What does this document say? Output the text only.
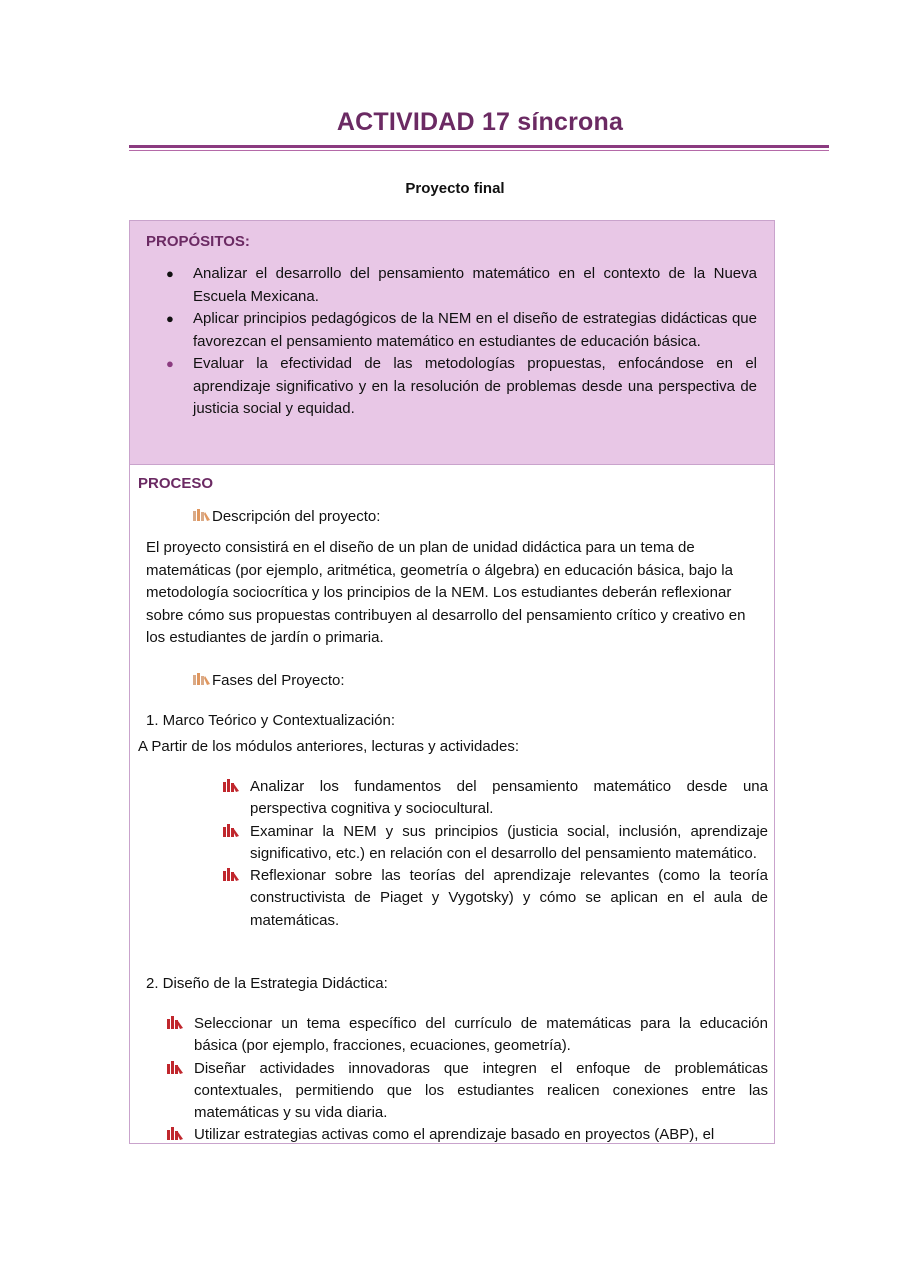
ACTIVIDAD 17 síncrona
Proyecto final
PROPÓSITOS:
● Analizar el desarrollo del pensamiento matemático en el contexto de la Nueva Escuela Mexicana.
● Aplicar principios pedagógicos de la NEM en el diseño de estrategias didácticas que favorezcan el pensamiento matemático en estudiantes de educación básica.
● Evaluar la efectividad de las metodologías propuestas, enfocándose en el aprendizaje significativo y en la resolución de problemas desde una perspectiva de justicia social y equidad.
PROCESO
Descripción del proyecto:
El proyecto consistirá en el diseño de un plan de unidad didáctica para un tema de matemáticas (por ejemplo, aritmética, geometría o álgebra) en educación básica, bajo la metodología sociocrítica y los principios de la NEM. Los estudiantes deberán reflexionar sobre cómo sus propuestas contribuyen al desarrollo del pensamiento crítico y creativo en los estudiantes de jardín o primaria.
Fases del Proyecto:
1. Marco Teórico y Contextualización:
A Partir de los módulos anteriores, lecturas y actividades:
Analizar los fundamentos del pensamiento matemático desde una perspectiva cognitiva y sociocultural.
Examinar la NEM y sus principios (justicia social, inclusión, aprendizaje significativo, etc.) en relación con el desarrollo del pensamiento matemático.
Reflexionar sobre las teorías del aprendizaje relevantes (como la teoría constructivista de Piaget y Vygotsky) y cómo se aplican en el aula de matemáticas.
2. Diseño de la Estrategia Didáctica:
Seleccionar un tema específico del currículo de matemáticas para la educación básica (por ejemplo, fracciones, ecuaciones, geometría).
Diseñar actividades innovadoras que integren el enfoque de problemáticas contextuales, permitiendo que los estudiantes realicen conexiones entre las matemáticas y su vida diaria.
Utilizar estrategias activas como el aprendizaje basado en proyectos (ABP), el
